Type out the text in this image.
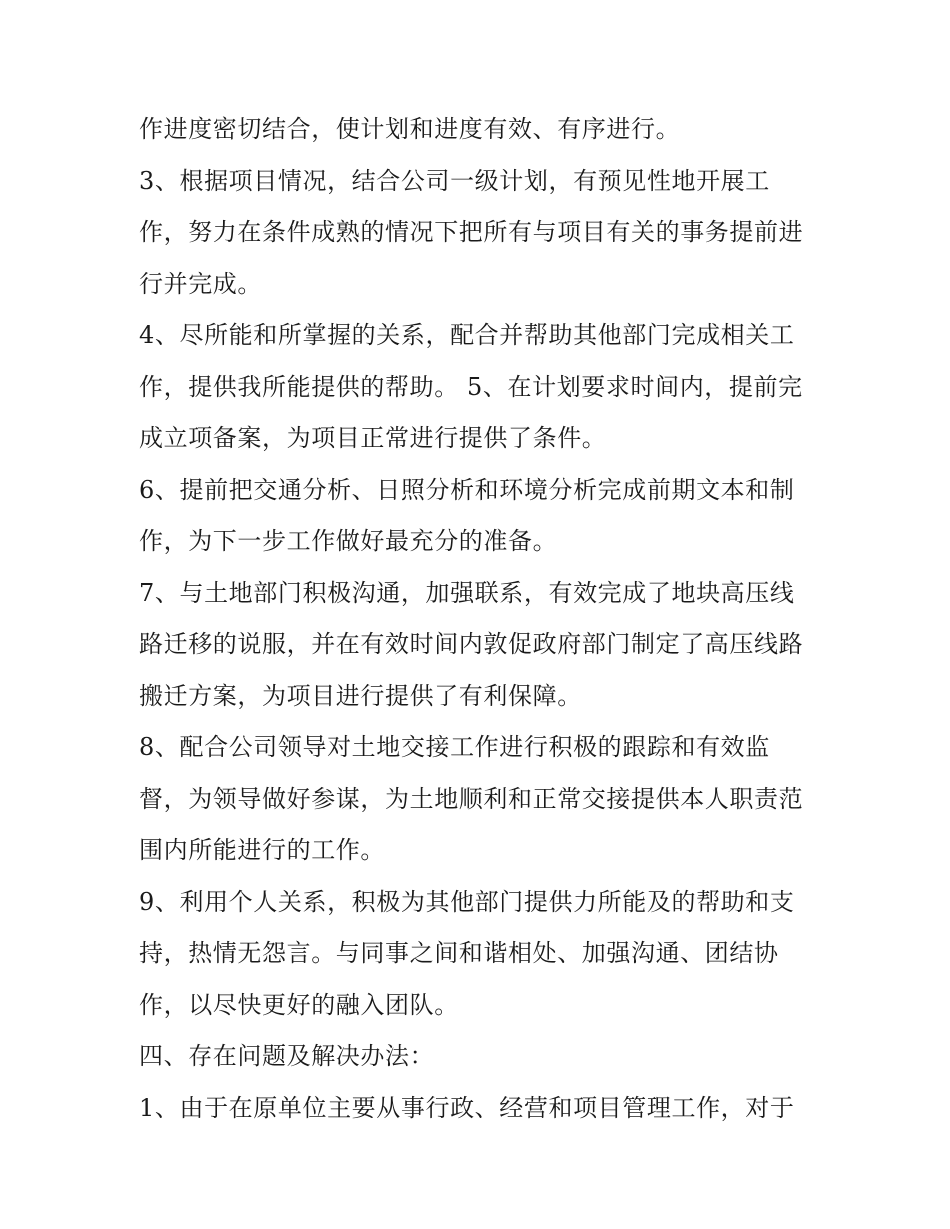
作进度密切结合，使计划和进度有效、有序进行。
3、根据项目情况，结合公司一级计划，有预见性地开展工
作，努力在条件成熟的情况下把所有与项目有关的事务提前进
行并完成。
4、尽所能和所掌握的关系，配合并帮助其他部门完成相关工
作，提供我所能提供的帮助。 5、在计划要求时间内，提前完
成立项备案，为项目正常进行提供了条件。
6、提前把交通分析、日照分析和环境分析完成前期文本和制
作，为下一步工作做好最充分的准备。
7、与土地部门积极沟通，加强联系，有效完成了地块高压线
路迁移的说服，并在有效时间内敦促政府部门制定了高压线路
搬迁方案，为项目进行提供了有利保障。
8、配合公司领导对土地交接工作进行积极的跟踪和有效监
督，为领导做好参谋，为土地顺利和正常交接提供本人职责范
围内所能进行的工作。
9、利用个人关系，积极为其他部门提供力所能及的帮助和支
持，热情无怨言。与同事之间和谐相处、加强沟通、团结协
作，以尽快更好的融入团队。
四、存在问题及解决办法：
1、由于在原单位主要从事行政、经营和项目管理工作，对于
